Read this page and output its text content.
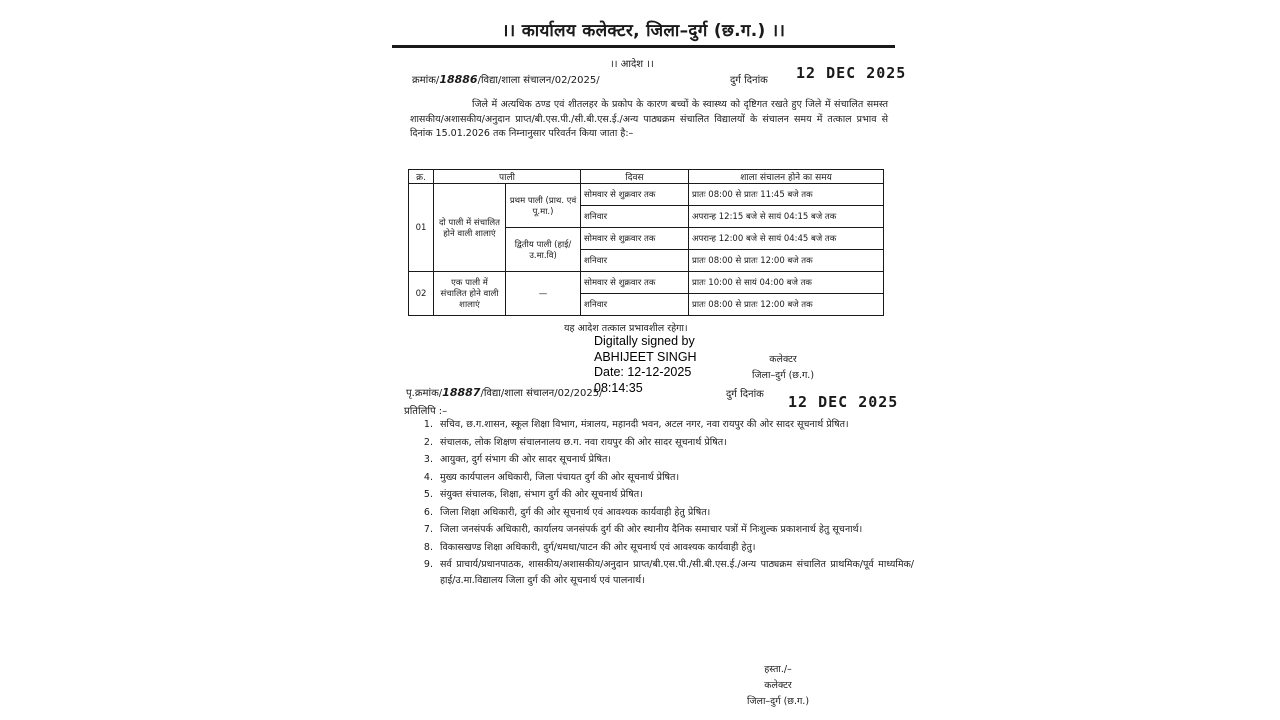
।। कार्यालय कलेक्टर, जिला–दुर्ग (छ.ग.) ।।
।। आदेश ।।
क्रमांक/18886/विद्या/शाला संचालन/02/2025/	दुर्ग दिनांक 12 DEC 2025
जिले में अत्यधिक ठण्ड एवं शीतलहर के प्रकोप के कारण बच्चों के स्वास्थ्य को दृष्टिगत रखते हुए जिले में संचालित समस्त शासकीय/अशासकीय/अनुदान प्राप्त/बी.एस.पी./सी.बी.एस.ई./अन्य पाठ्यक्रम संचालित विद्यालयों के संचालन समय में तत्काल प्रभाव से दिनांक 15.01.2026 तक निम्नानुसार परिवर्तन किया जाता है:–
क्र.	पाली		दिवस	शाला संचालन होने का समय
01	दो पाली में संचालित होने वाली शालाएं	प्रथम पाली (प्राथ. एवं पू.मा.)	सोमवार से शुक्रवार तक	प्रातः 08:00 से प्रातः 11:45 बजे तक
			शनिवार	अपरान्ह 12:15 बजे से सायं 04:15 बजे तक
		द्वितीय पाली (हाई/उ.मा.वि)	सोमवार से शुक्रवार तक	अपरान्ह 12:00 बजे से सायं 04:45 बजे तक
			शनिवार	प्रातः 08:00 से प्रातः 12:00 बजे तक
02	एक पाली में संचालित होने वाली शालाएं	—	सोमवार से शुक्रवार तक	प्रातः 10:00 से सायं 04:00 बजे तक
			शनिवार	प्रातः 08:00 से प्रातः 12:00 बजे तक
यह आदेश तत्काल प्रभावशील रहेगा।
Digitally signed by
ABHIJEET SINGH
Date: 12-12-2025
08:14:35
कलेक्टर
जिला–दुर्ग (छ.ग.)
पृ.क्रमांक/18887/विद्या/शाला संचालन/02/2025/	दुर्ग दिनांक 12 DEC 2025
प्रतिलिपि :–
1. सचिव, छ.ग.शासन, स्कूल शिक्षा विभाग, मंत्रालय, महानदी भवन, अटल नगर, नवा रायपुर की ओर सादर सूचनार्थ प्रेषित।
2. संचालक, लोक शिक्षण संचालनालय छ.ग. नवा रायपुर की ओर सादर सूचनार्थ प्रेषित।
3. आयुक्त, दुर्ग संभाग की ओर सादर सूचनार्थ प्रेषित।
4. मुख्य कार्यपालन अधिकारी, जिला पंचायत दुर्ग की ओर सूचनार्थ प्रेषित।
5. संयुक्त संचालक, शिक्षा, संभाग दुर्ग की ओर सूचनार्थ प्रेषित।
6. जिला शिक्षा अधिकारी, दुर्ग की ओर सूचनार्थ एवं आवश्यक कार्यवाही हेतु प्रेषित।
7. जिला जनसंपर्क अधिकारी, कार्यालय जनसंपर्क दुर्ग की ओर स्थानीय दैनिक समाचार पत्रों में निःशुल्क प्रकाशनार्थ हेतु सूचनार्थ।
8. विकासखण्ड शिक्षा अधिकारी, दुर्ग/धमधा/पाटन की ओर सूचनार्थ एवं आवश्यक कार्यवाही हेतु।
9. सर्व प्राचार्य/प्रधानपाठक, शासकीय/अशासकीय/अनुदान प्राप्त/बी.एस.पी./सी.बी.एस.ई./अन्य पाठ्यक्रम संचालित प्राथमिक/पूर्व माध्यमिक/हाई/उ.मा.विद्यालय जिला दुर्ग की ओर सूचनार्थ एवं पालनार्थ।
हस्ता./–
कलेक्टर
जिला–दुर्ग (छ.ग.)
